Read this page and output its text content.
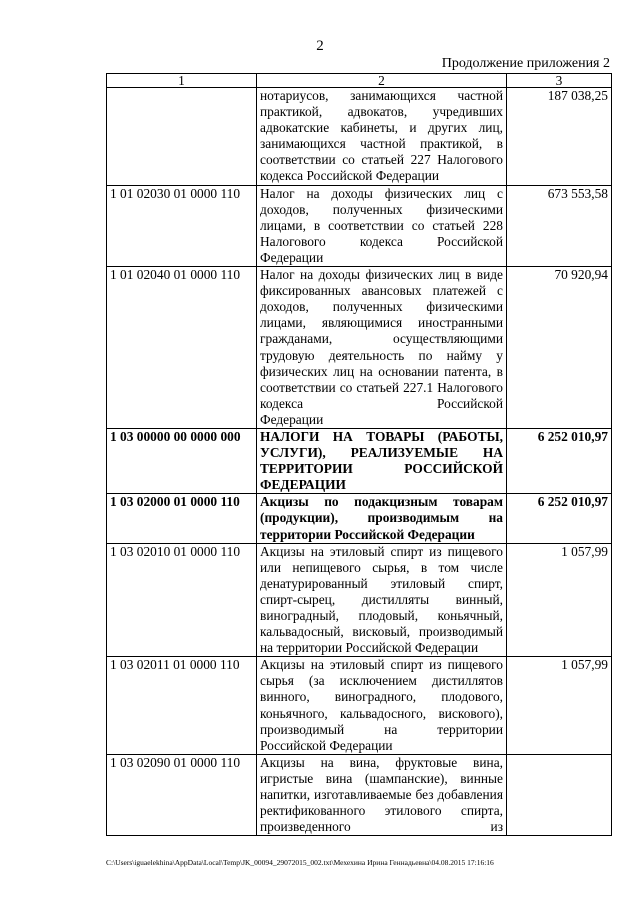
2
Продолжение приложения 2
1	2	3
	нотариусов, занимающихся частной практикой, адвокатов, учредивших адвокатские кабинеты, и других лиц, занимающихся частной практикой, в соответствии со статьей 227 Налогового
кодекса Российской Федерации	187 038,25
1 01 02030 01 0000 110	Налог на доходы физических лиц с доходов, полученных физическими лицами, в соответствии со статьей 228 Налогового кодекса Российской
Федерации	673 553,58
1 01 02040 01 0000 110	Налог на доходы физических лиц в виде фиксированных авансовых платежей с доходов, полученных физическими лицами, являющимися иностранными гражданами, осуществляющими трудовую деятельность по найму у физических лиц на основании патента, в соответствии со статьей 227.1 Налогового кодекса Российской
Федерации	70 920,94
1 03 00000 00 0000 000	НАЛОГИ НА ТОВАРЫ (РАБОТЫ, УСЛУГИ), РЕАЛИЗУЕМЫЕ НА ТЕРРИТОРИИ РОССИЙСКОЙ
ФЕДЕРАЦИИ	6 252 010,97
1 03 02000 01 0000 110	Акцизы по подакцизным товарам (продукции), производимым на
территории Российской Федерации	6 252 010,97
1 03 02010 01 0000 110	Акцизы на этиловый спирт из пищевого или непищевого сырья, в том числе денатурированный этиловый спирт, спирт-сырец, дистилляты винный, виноградный, плодовый, коньячный, кальвадосный, висковый, производимый
на территории Российской Федерации	1 057,99
1 03 02011 01 0000 110	Акцизы на этиловый спирт из пищевого сырья (за исключением дистиллятов винного, виноградного, плодового, коньячного, кальвадосного, вискового), производимый на территории
Российской Федерации	1 057,99
1 03 02090 01 0000 110	Акцизы на вина, фруктовые вина, игристые вина (шампанские), винные напитки, изготавливаемые без добавления ректификованного этилового спирта, произведенного из	
C:\Users\iguaelekhina\AppData\Local\Temp\JK_00094_29072015_002.txt\Мехехина Ирина Геннадьевна\04.08.2015 17:16:16
